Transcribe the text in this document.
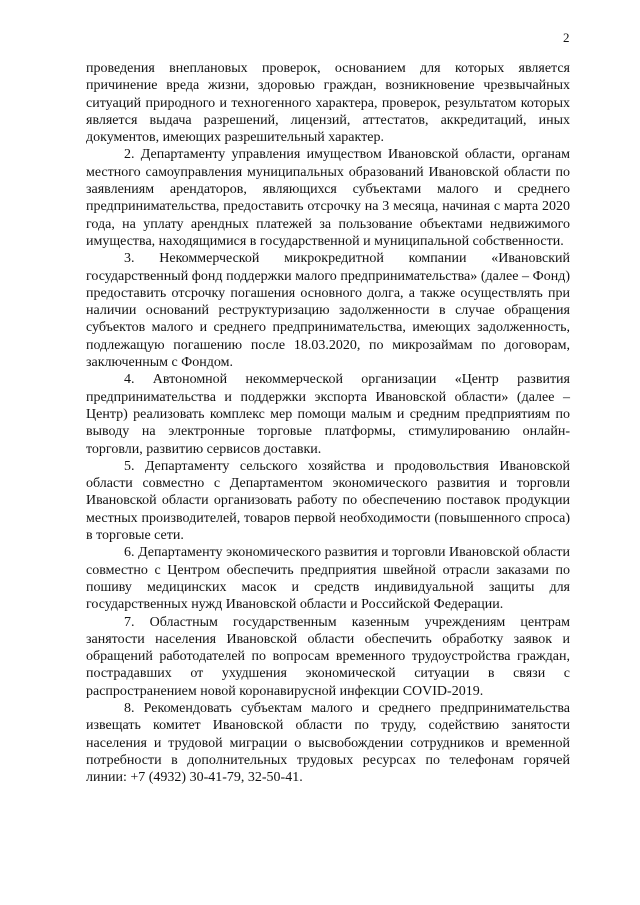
2

проведения внеплановых проверок, основанием для которых является причинение вреда жизни, здоровью граждан, возникновение чрезвычайных ситуаций природного и техногенного характера, проверок, результатом которых является выдача разрешений, лицензий, аттестатов, аккредитаций, иных документов, имеющих разрешительный характер.

2. Департаменту управления имуществом Ивановской области, органам местного самоуправления муниципальных образований Ивановской области по заявлениям арендаторов, являющихся субъектами малого и среднего предпринимательства, предоставить отсрочку на 3 месяца, начиная с марта 2020 года, на уплату арендных платежей за пользование объектами недвижимого имущества, находящимися в государственной и муниципальной собственности.

3. Некоммерческой микрокредитной компании «Ивановский государственный фонд поддержки малого предпринимательства» (далее – Фонд) предоставить отсрочку погашения основного долга, а также осуществлять при наличии оснований реструктуризацию задолженности в случае обращения субъектов малого и среднего предпринимательства, имеющих задолженность, подлежащую погашению после 18.03.2020, по микрозаймам по договорам, заключенным с Фондом.

4. Автономной некоммерческой организации «Центр развития предпринимательства и поддержки экспорта Ивановской области» (далее – Центр) реализовать комплекс мер помощи малым и средним предприятиям по выводу на электронные торговые платформы, стимулированию онлайн-торговли, развитию сервисов доставки.

5. Департаменту сельского хозяйства и продовольствия Ивановской области совместно с Департаментом экономического развития и торговли Ивановской области организовать работу по обеспечению поставок продукции местных производителей, товаров первой необходимости (повышенного спроса) в торговые сети.

6. Департаменту экономического развития и торговли Ивановской области совместно с Центром обеспечить предприятия швейной отрасли заказами по пошиву медицинских масок и средств индивидуальной защиты для государственных нужд Ивановской области и Российской Федерации.

7. Областным государственным казенным учреждениям центрам занятости населения Ивановской области обеспечить обработку заявок и обращений работодателей по вопросам временного трудоустройства граждан, пострадавших от ухудшения экономической ситуации в связи с распространением новой коронавирусной инфекции COVID-2019.

8. Рекомендовать субъектам малого и среднего предпринимательства извещать комитет Ивановской области по труду, содействию занятости населения и трудовой миграции о высвобождении сотрудников и временной потребности в дополнительных трудовых ресурсах по телефонам горячей линии: +7 (4932) 30-41-79, 32-50-41.
